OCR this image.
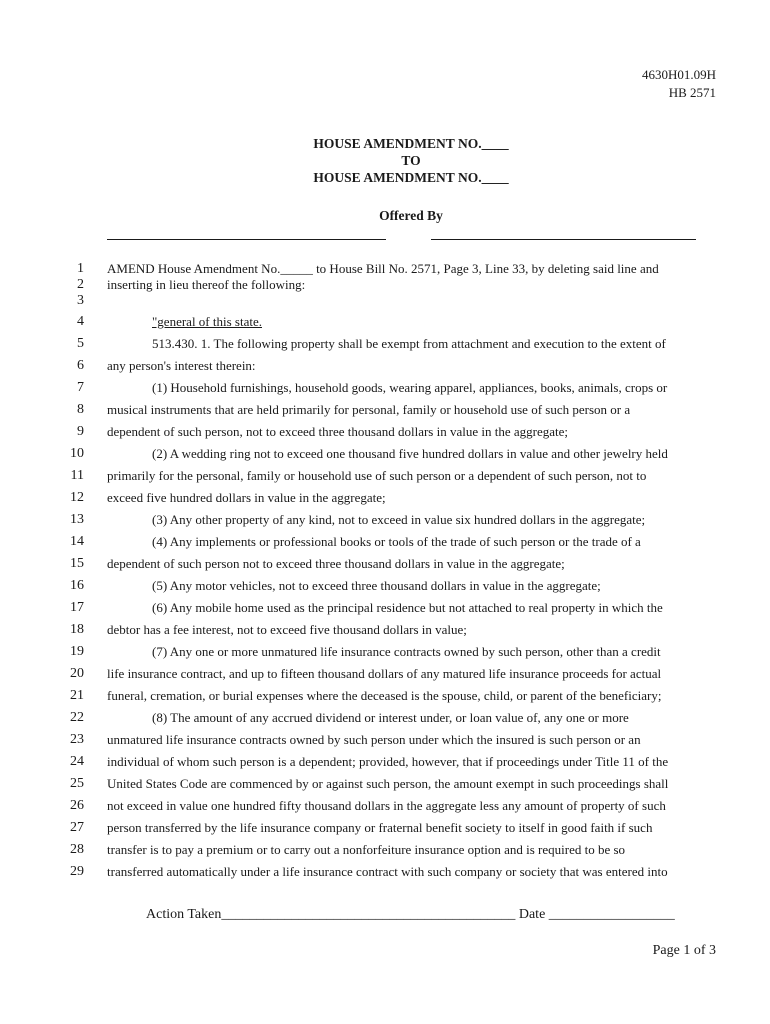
4630H01.09H
HB 2571
HOUSE AMENDMENT NO.____
TO
HOUSE AMENDMENT NO.____
Offered By
1 AMEND House Amendment No._____ to House Bill No. 2571, Page 3, Line 33, by deleting said line and
2 inserting in lieu thereof the following:
3
4	"general of this state.
5	513.430. 1. The following property shall be exempt from attachment and execution to the extent of
6 any person's interest therein:
7	(1) Household furnishings, household goods, wearing apparel, appliances, books, animals, crops or
8 musical instruments that are held primarily for personal, family or household use of such person or a
9 dependent of such person, not to exceed three thousand dollars in value in the aggregate;
10	(2) A wedding ring not to exceed one thousand five hundred dollars in value and other jewelry held
11 primarily for the personal, family or household use of such person or a dependent of such person, not to
12 exceed five hundred dollars in value in the aggregate;
13	(3) Any other property of any kind, not to exceed in value six hundred dollars in the aggregate;
14	(4) Any implements or professional books or tools of the trade of such person or the trade of a
15 dependent of such person not to exceed three thousand dollars in value in the aggregate;
16	(5) Any motor vehicles, not to exceed three thousand dollars in value in the aggregate;
17	(6) Any mobile home used as the principal residence but not attached to real property in which the
18 debtor has a fee interest, not to exceed five thousand dollars in value;
19	(7) Any one or more unmatured life insurance contracts owned by such person, other than a credit
20 life insurance contract, and up to fifteen thousand dollars of any matured life insurance proceeds for actual
21 funeral, cremation, or burial expenses where the deceased is the spouse, child, or parent of the beneficiary;
22	(8) The amount of any accrued dividend or interest under, or loan value of, any one or more
23 unmatured life insurance contracts owned by such person under which the insured is such person or an
24 individual of whom such person is a dependent; provided, however, that if proceedings under Title 11 of the
25 United States Code are commenced by or against such person, the amount exempt in such proceedings shall
26 not exceed in value one hundred fifty thousand dollars in the aggregate less any amount of property of such
27 person transferred by the life insurance company or fraternal benefit society to itself in good faith if such
28 transfer is to pay a premium or to carry out a nonforfeiture insurance option and is required to be so
29 transferred automatically under a life insurance contract with such company or society that was entered into
Action Taken__________________________________________ Date __________________
Page 1 of 3
